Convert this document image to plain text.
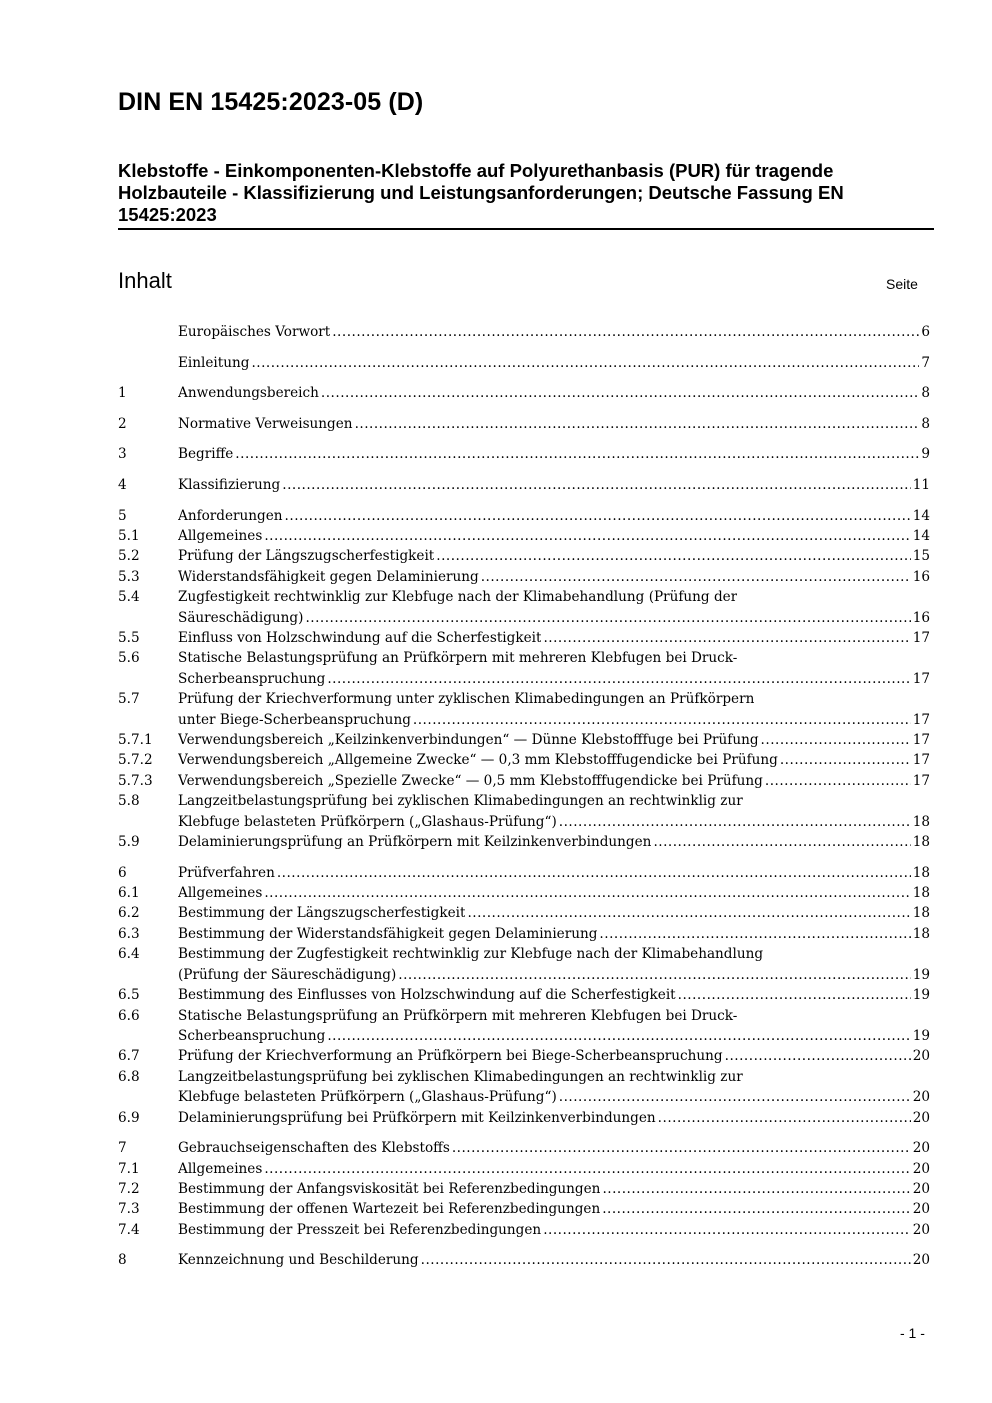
DIN EN 15425:2023-05 (D)
Klebstoffe - Einkomponenten-Klebstoffe auf Polyurethanbasis (PUR) für tragende Holzbauteile - Klassifizierung und Leistungsanforderungen; Deutsche Fassung EN 15425:2023
Inhalt	Seite
Europäisches Vorwort .....	6
Einleitung .....	7
1	Anwendungsbereich .....	8
2	Normative Verweisungen .....	8
3	Begriffe .....	9
4	Klassifizierung .....	11
5	Anforderungen .....	14
5.1	Allgemeines .....	14
5.2	Prüfung der Längszugscherfestigkeit .....	15
5.3	Widerstandsfähigkeit gegen Delaminierung .....	16
5.4	Zugfestigkeit rechtwinklig zur Klebfuge nach der Klimabehandlung (Prüfung der
Säureschädigung) .....	16
5.5	Einfluss von Holzschwindung auf die Scherfestigkeit .....	17
5.6	Statische Belastungsprüfung an Prüfkörpern mit mehreren Klebfugen bei Druck-
Scherbeanspruchung .....	17
5.7	Prüfung der Kriechverformung unter zyklischen Klimabedingungen an Prüfkörpern
unter Biege-Scherbeanspruchung .....	17
5.7.1	Verwendungsbereich „Keilzinkenverbindungen“ — Dünne Klebstofffuge bei Prüfung .....	17
5.7.2	Verwendungsbereich „Allgemeine Zwecke“ — 0,3 mm Klebstofffugendicke bei Prüfung .....	17
5.7.3	Verwendungsbereich „Spezielle Zwecke“ — 0,5 mm Klebstofffugendicke bei Prüfung .....	17
5.8	Langzeitbelastungsprüfung bei zyklischen Klimabedingungen an rechtwinklig zur
Klebfuge belasteten Prüfkörpern („Glashaus-Prüfung“) .....	18
5.9	Delaminierungsprüfung an Prüfkörpern mit Keilzinkenverbindungen .....	18
6	Prüfverfahren .....	18
6.1	Allgemeines .....	18
6.2	Bestimmung der Längszugscherfestigkeit .....	18
6.3	Bestimmung der Widerstandsfähigkeit gegen Delaminierung .....	18
6.4	Bestimmung der Zugfestigkeit rechtwinklig zur Klebfuge nach der Klimabehandlung
(Prüfung der Säureschädigung) .....	19
6.5	Bestimmung des Einflusses von Holzschwindung auf die Scherfestigkeit .....	19
6.6	Statische Belastungsprüfung an Prüfkörpern mit mehreren Klebfugen bei Druck-
Scherbeanspruchung .....	19
6.7	Prüfung der Kriechverformung an Prüfkörpern bei Biege-Scherbeanspruchung .....	20
6.8	Langzeitbelastungsprüfung bei zyklischen Klimabedingungen an rechtwinklig zur
Klebfuge belasteten Prüfkörpern („Glashaus-Prüfung“) .....	20
6.9	Delaminierungsprüfung bei Prüfkörpern mit Keilzinkenverbindungen .....	20
7	Gebrauchseigenschaften des Klebstoffs .....	20
7.1	Allgemeines .....	20
7.2	Bestimmung der Anfangsviskosität bei Referenzbedingungen .....	20
7.3	Bestimmung der offenen Wartezeit bei Referenzbedingungen .....	20
7.4	Bestimmung der Presszeit bei Referenzbedingungen .....	20
8	Kennzeichnung und Beschilderung .....	20
- 1 -
